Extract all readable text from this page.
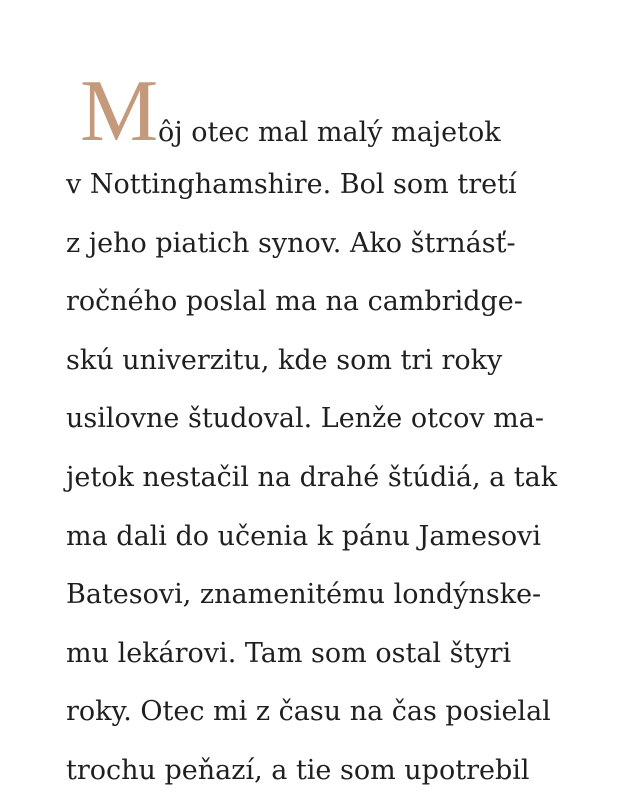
M ôj otec mal malý majetok
v Nottinghamshire. Bol som tretí
z jeho piatich synov. Ako štrnásť-
ročného poslal ma na cambridge-
skú univerzitu, kde som tri roky
usilovne študoval. Lenže otcov ma-
jetok nestačil na drahé štúdiá, a tak
ma dali do učenia k pánu Jamesovi
Batesovi, znamenitému londýnske-
mu lekárovi. Tam som ostal štyri
roky. Otec mi z času na čas posielal
trochu peňazí, a tie som upotrebil
